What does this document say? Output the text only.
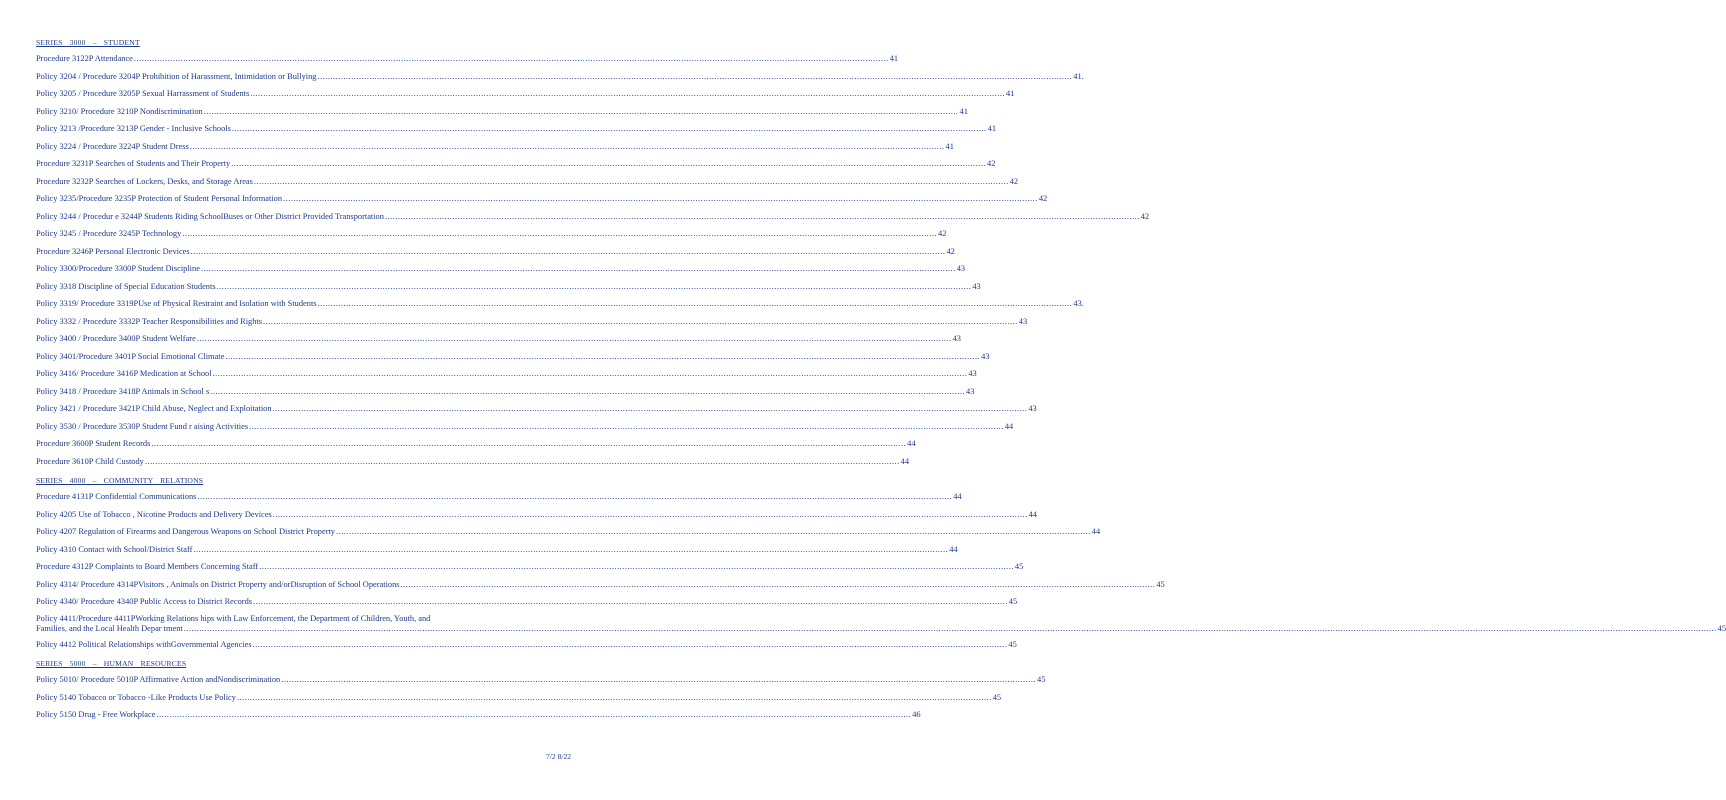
SERIES 3000 – STUDENT
Procedure 3122P Attendance .....	41
Policy 3204 / Procedure 3204P Prohibition of Harassment, Intimidation or Bullying .....	41.
Policy 3205 / Procedure 3205P Sexual Harrassment of Students .....	41
Policy 3210/ Procedure 3210P Nondiscrimination .....	41
Policy 3213 /Procedure 3213P Gender - Inclusive Schools .....	41
Policy 3224 / Procedure 3224P Student Dress .....	41
Procedure 3231P Searches of Students and Their Property .....	42
Procedure 3232P Searches of Lockers, Desks, and Storage Areas .....	42
Policy 3235/Procedure 3235P Protection of Student Personal Information .....	42
Policy 3244 / Procedur e 3244P Students Riding SchoolBuses or Other District Provided Transportation .....	42
Policy 3245 / Procedure 3245P Technology .....	42
Procedure 3246P Personal Electronic Devices .....	42
Policy 3300/Procedure 3300P Student Discipline .....	43
Policy 3318 Discipline of Special Education Students .....	43
Policy 3319/ Procedure 3319PUse of Physical Restraint and Isolation with Students .....	43.
Policy 3332 / Procedure 3332P Teacher Responsibilities and Rights .....	43
Policy 3400 / Procedure 3400P Student Welfare .....	43
Policy 3401/Procedure 3401P Social Emotional Climate .....	43
Policy 3416/ Procedure 3416P Medication at School .....	43
Policy 3418 / Procedure 3418P Animals in School s .....	43
Policy 3421 / Procedure 3421P Child Abuse, Neglect and Exploitation .....	43
Policy 3530 / Procedure 3530P Student Fund r aising Activities .....	44
Procedure 3600P Student Records .....	44
Procedure 3610P Child Custody .....	44
SERIES 4000 – COMMUNITY RELATIONS
Procedure 4131P Confidential Communications .....	44
Policy 4205 Use of Tobacco , Nicotine Products and Delivery Devices .....	44
Policy 4207 Regulation of Firearms and Dangerous Weapons on School District Property .....	44
Policy 4310 Contact with School/District Staff .....	44
Procedure 4312P Complaints to Board Members Concerning Staff .....	45
Policy 4314/ Procedure 4314PVisitors , Animals on District Property and/orDisruption of School Operations .....	45
Policy 4340/ Procedure 4340P Public Access to District Records .....	45
Policy 4411/Procedure 4411PWorking Relations hips with Law Enforcement, the Department of Children, Youth, and
Families, and the Local Health Depar tment ............................................................................................................................................................................................................................................................................................................ .....	45
Policy 4412 Political Relationships withGovernmental Agencies .....	45
SERIES 5000 – HUMAN RESOURCES
Policy 5010/ Procedure 5010P Affirmative Action andNondiscrimination .....	45
Policy 5140 Tobacco or Tobacco -Like Products Use Policy .....	45
Policy 5150 Drug - Free Workplace .....	46
7/2 8/22
